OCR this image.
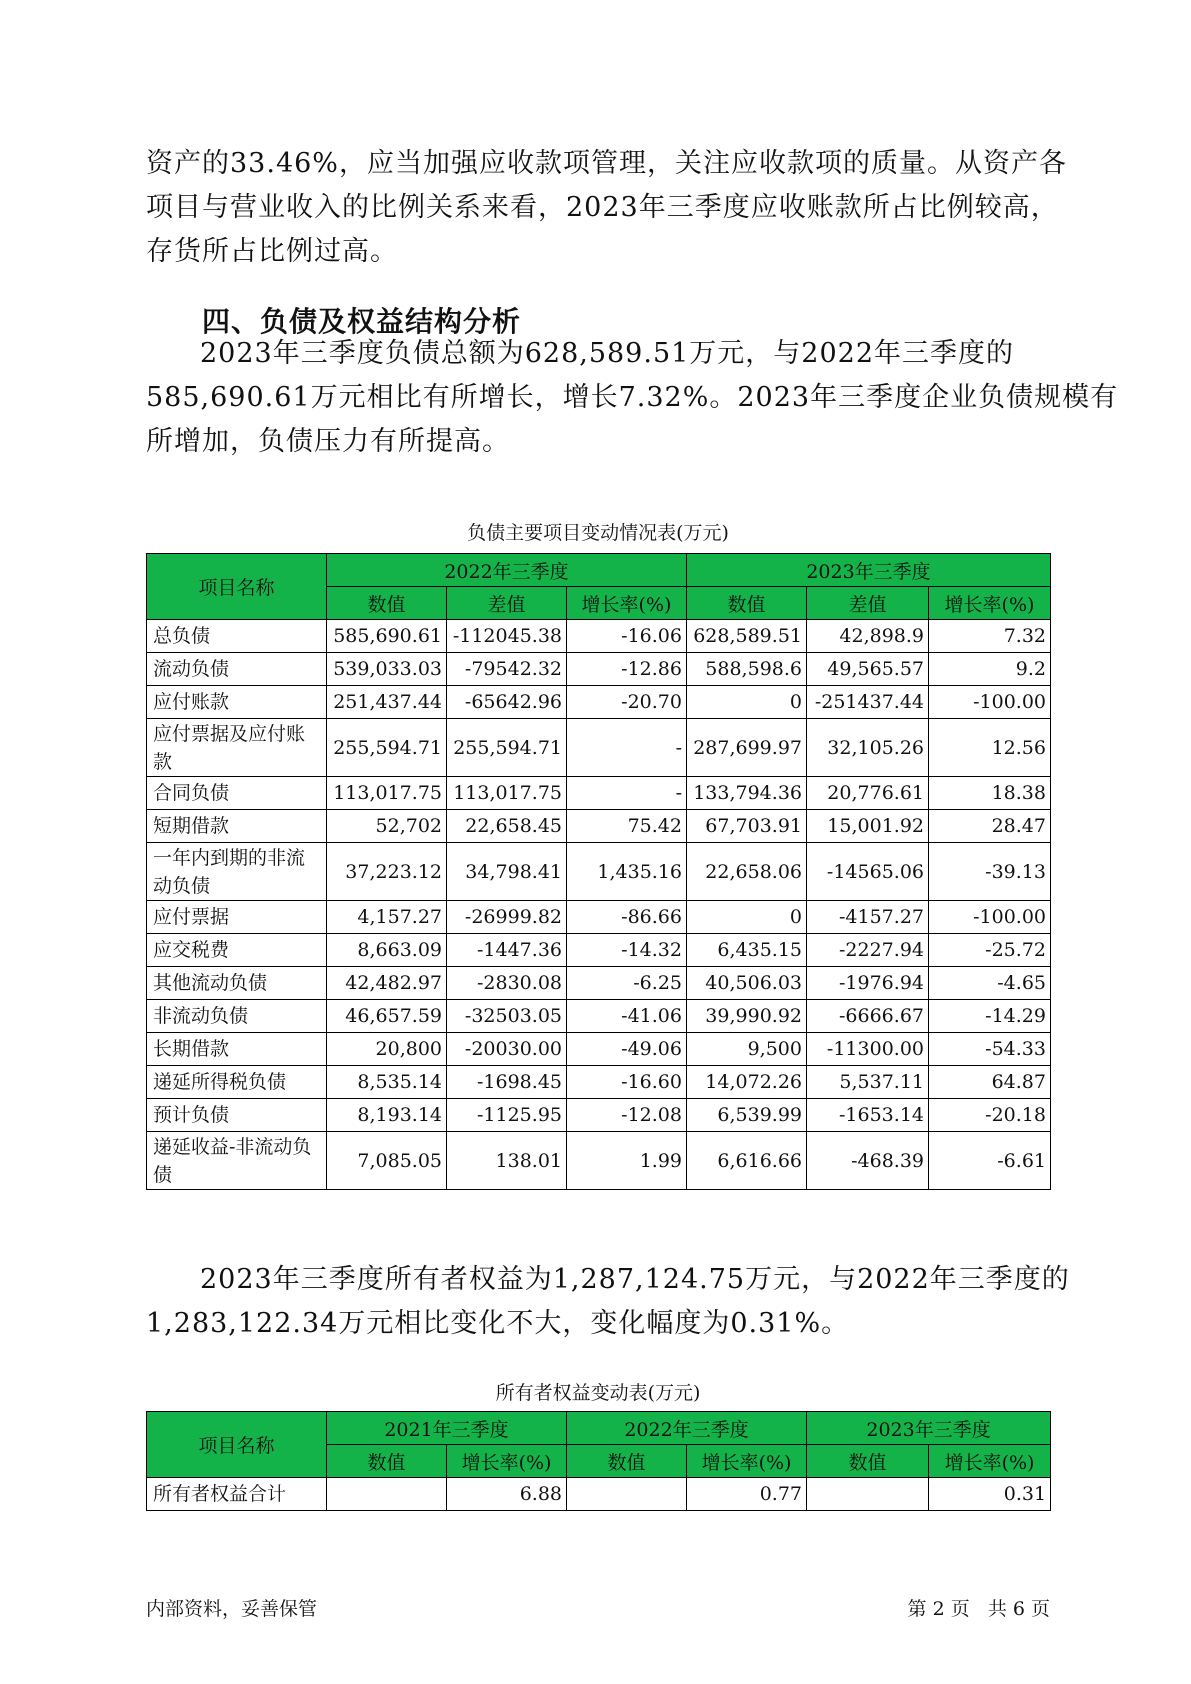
资产的33.46%，应当加强应收款项管理，关注应收款项的质量。从资产各
项目与营业收入的比例关系来看，2023年三季度应收账款所占比例较高，
存货所占比例过高。

四、负债及权益结构分析

2023年三季度负债总额为628,589.51万元，与2022年三季度的
585,690.61万元相比有所增长，增长7.32%。2023年三季度企业负债规模有
所增加，负债压力有所提高。

负债主要项目变动情况表(万元)

项目名称	2022年三季度			2023年三季度		
	数值	差值	增长率(%)	数值	差值	增长率(%)
总负债	585,690.61	-112045.38	-16.06	628,589.51	42,898.9	7.32
流动负债	539,033.03	-79542.32	-12.86	588,598.6	49,565.57	9.2
应付账款	251,437.44	-65642.96	-20.70	0	-251437.44	-100.00
应付票据及应付账款	255,594.71	255,594.71	-	287,699.97	32,105.26	12.56
合同负债	113,017.75	113,017.75	-	133,794.36	20,776.61	18.38
短期借款	52,702	22,658.45	75.42	67,703.91	15,001.92	28.47
一年内到期的非流动负债	37,223.12	34,798.41	1,435.16	22,658.06	-14565.06	-39.13
应付票据	4,157.27	-26999.82	-86.66	0	-4157.27	-100.00
应交税费	8,663.09	-1447.36	-14.32	6,435.15	-2227.94	-25.72
其他流动负债	42,482.97	-2830.08	-6.25	40,506.03	-1976.94	-4.65
非流动负债	46,657.59	-32503.05	-41.06	39,990.92	-6666.67	-14.29
长期借款	20,800	-20030.00	-49.06	9,500	-11300.00	-54.33
递延所得税负债	8,535.14	-1698.45	-16.60	14,072.26	5,537.11	64.87
预计负债	8,193.14	-1125.95	-12.08	6,539.99	-1653.14	-20.18
递延收益-非流动负债	7,085.05	138.01	1.99	6,616.66	-468.39	-6.61

2023年三季度所有者权益为1,287,124.75万元，与2022年三季度的
1,283,122.34万元相比变化不大，变化幅度为0.31%。

所有者权益变动表(万元)

项目名称	2021年三季度		2022年三季度		2023年三季度	
	数值	增长率(%)	数值	增长率(%)	数值	增长率(%)
所有者权益合计		6.88		0.77		0.31

内部资料，妥善保管	第 2 页   共 6 页
